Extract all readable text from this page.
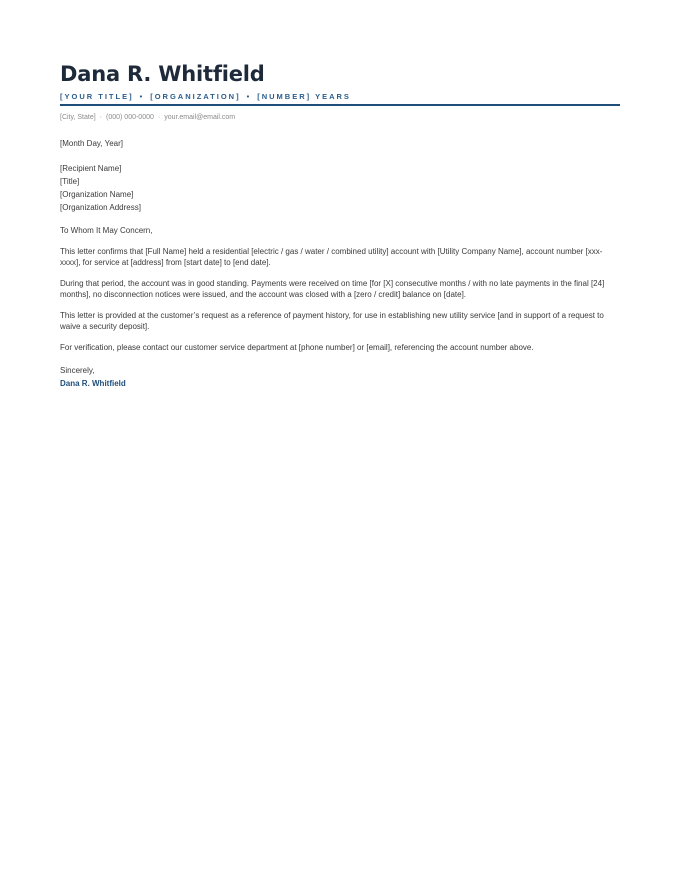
Dana R. Whitfield
[YOUR TITLE] • [ORGANIZATION] • [NUMBER] YEARS
[City, State] · (000) 000-0000 · your.email@email.com
[Month Day, Year]
[Recipient Name]
[Title]
[Organization Name]
[Organization Address]
To Whom It May Concern,
This letter confirms that [Full Name] held a residential [electric / gas / water / combined utility] account with [Utility Company Name], account number [xxx-xxxx], for service at [address] from [start date] to [end date].
During that period, the account was in good standing. Payments were received on time [for [X] consecutive months / with no late payments in the final [24] months], no disconnection notices were issued, and the account was closed with a [zero / credit] balance on [date].
This letter is provided at the customer’s request as a reference of payment history, for use in establishing new utility service [and in support of a request to waive a security deposit].
For verification, please contact our customer service department at [phone number] or [email], referencing the account number above.
Sincerely,
Dana R. Whitfield
